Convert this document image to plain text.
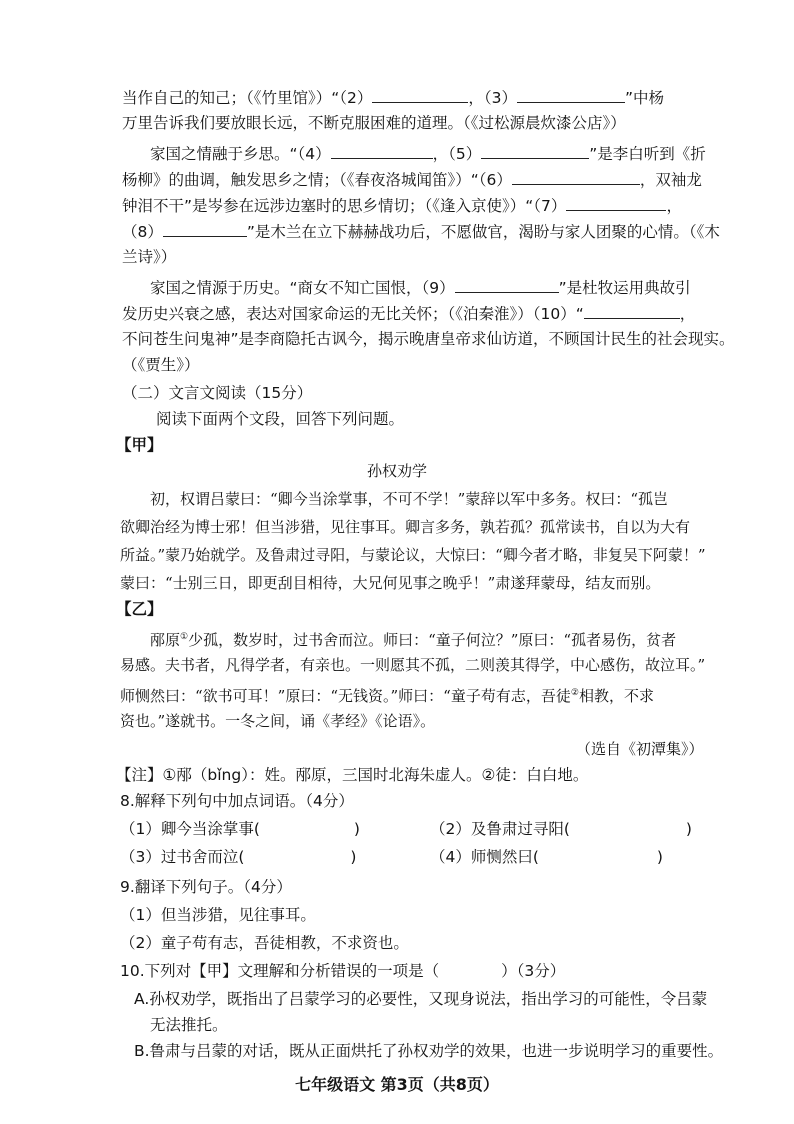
当作自己的知己；（《竹里馆》）“（2）	，（3）	”中杨
万里告诉我们要放眼长远，不断克服困难的道理。（《过松源晨炊漆公店》）
家国之情融于乡思。“（4）	，（5）	”是李白听到《折
杨柳》的曲调，触发思乡之情；（《春夜洛城闻笛》）“（6）	，双袖龙
钟泪不干”是岑参在远涉边塞时的思乡情切；（《逢入京使》）“（7）	，
（8）	”是木兰在立下赫赫战功后，不愿做官，渴盼与家人团聚的心情。（《木
兰诗》）
家国之情源于历史。“商女不知亡国恨，（9）	”是杜牧运用典故引
发历史兴衰之感，表达对国家命运的无比关怀；（《泊秦淮》）（10）“	，
不问苍生问鬼神”是李商隐托古讽今，揭示晚唐皇帝求仙访道，不顾国计民生的社会现实。
（《贾生》）
（二）文言文阅读（15分）
阅读下面两个文段，回答下列问题。
【甲】
孙权劝学
初，权谓吕蒙曰：“卿今当涂掌事，不可不学！”蒙辞以军中多务。权曰：“孤岂
欲卿治经为博士邪！但当涉猎，见往事耳。卿言多务，孰若孤？孤常读书，自以为大有
所益。”蒙乃始就学。及鲁肃过寻阳，与蒙论议，大惊曰：“卿今者才略，非复吴下阿蒙！”
蒙曰：“士别三日，即更刮目相待，大兄何见事之晚乎！”肃遂拜蒙母，结友而别。
【乙】
邴原①少孤，数岁时，过书舍而泣。师曰：“童子何泣？”原曰：“孤者易伤，贫者
易感。夫书者，凡得学者，有亲也。一则愿其不孤，二则羡其得学，中心感伤，故泣耳。”
师恻然曰：“欲书可耳！”原曰：“无钱资。”师曰：“童子苟有志，吾徒②相教，不求
资也。”遂就书。一冬之间，诵《孝经》《论语》。
（选自《初潭集》）
【注】①邴（bǐng）：姓。邴原，三国时北海朱虚人。②徒：白白地。
8.解释下列句中加点词语。（4分）
（1）卿今当涂掌事(	)	（2）及鲁肃过寻阳(	)
（3）过书舍而泣(	)	（4）师恻然曰(	)
9.翻译下列句子。（4分）
（1）但当涉猎，见往事耳。
（2）童子苟有志，吾徒相教，不求资也。
10.下列对【甲】文理解和分析错误的一项是（	）（3分）
A.孙权劝学，既指出了吕蒙学习的必要性，又现身说法，指出学习的可能性，令吕蒙
无法推托。
B.鲁肃与吕蒙的对话，既从正面烘托了孙权劝学的效果，也进一步说明学习的重要性。
七年级语文 第3页（共8页）
